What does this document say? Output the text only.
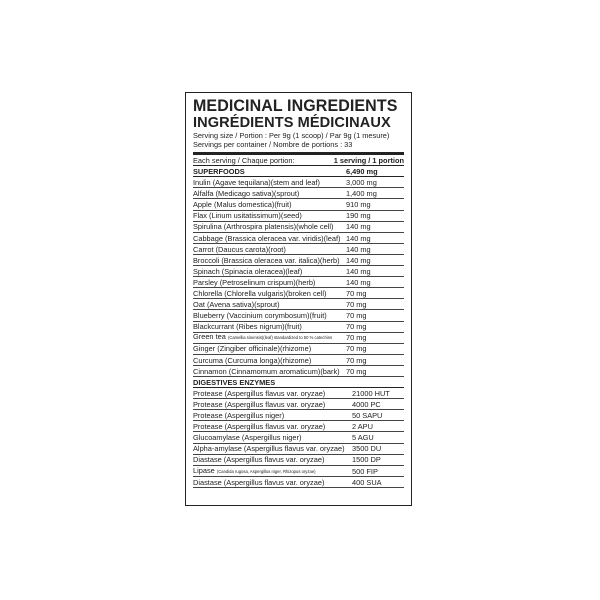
MEDICINAL INGREDIENTS
INGRÉDIENTS MÉDICINAUX
Serving size / Portion : Per 9g (1 scoop) / Par 9g (1 mesure)
Servings per container / Nombre de portions : 33
Each serving / Chaque portion:	1 serving / 1 portion
SUPERFOODS	6,490 mg
Inulin (Agave tequilana)(stem and leaf)	3,000 mg
Alfalfa (Medicago sativa)(sprout)	1,400 mg
Apple (Malus domestica)(fruit)	910 mg
Flax (Linum usitatissimum)(seed)	190 mg
Spirulina (Arthrospira platensis)(whole cell) 140 mg
Cabbage (Brassica oleracea var. viridis)(leaf) 140 mg
Carrot (Daucus carota)(root)	140 mg
Broccoli (Brassica oleracea var. italica)(herb) 140 mg
Spinach (Spinacia oleracea)(leaf)	140 mg
Parsley (Petroselinum crispum)(herb)	140 mg
Chlorella (Chlorella vulgaris)(broken cell)	70 mg
Oat (Avena sativa)(sprout)	70 mg
Blueberry (Vaccinium corymbosum)(fruit)	70 mg
Blackcurrant (Ribes nigrum)(fruit)	70 mg
Green tea (Camellia sinensis)(leaf) standardized to 50 % catechins 70 mg
Ginger (Zingiber officinale)(rhizome)	70 mg
Curcuma (Curcuma longa)(rhizome)	70 mg
Cinnamon (Cinnamomum aromaticum)(bark) 70 mg
DIGESTIVES ENZYMES
Protease (Aspergillus flavus var. oryzae)	21000 HUT
Protease (Aspergillus flavus var. oryzae)	4000 PC
Protease (Aspergillus niger)	50 SAPU
Protease (Aspergillus flavus var. oryzae)	2 APU
Glucoamylase (Aspergillus niger)	5 AGU
Alpha-amylase (Aspergillus flavus var. oryzae) 3500 DU
Diastase (Aspergillus flavus var. oryzae)	1500 DP
Lipase (Candida rugosa, Aspergillus niger, Rhizopus oryzae)	500 FIP
Diastase (Aspergillus flavus var. oryzae)	400 SUA
